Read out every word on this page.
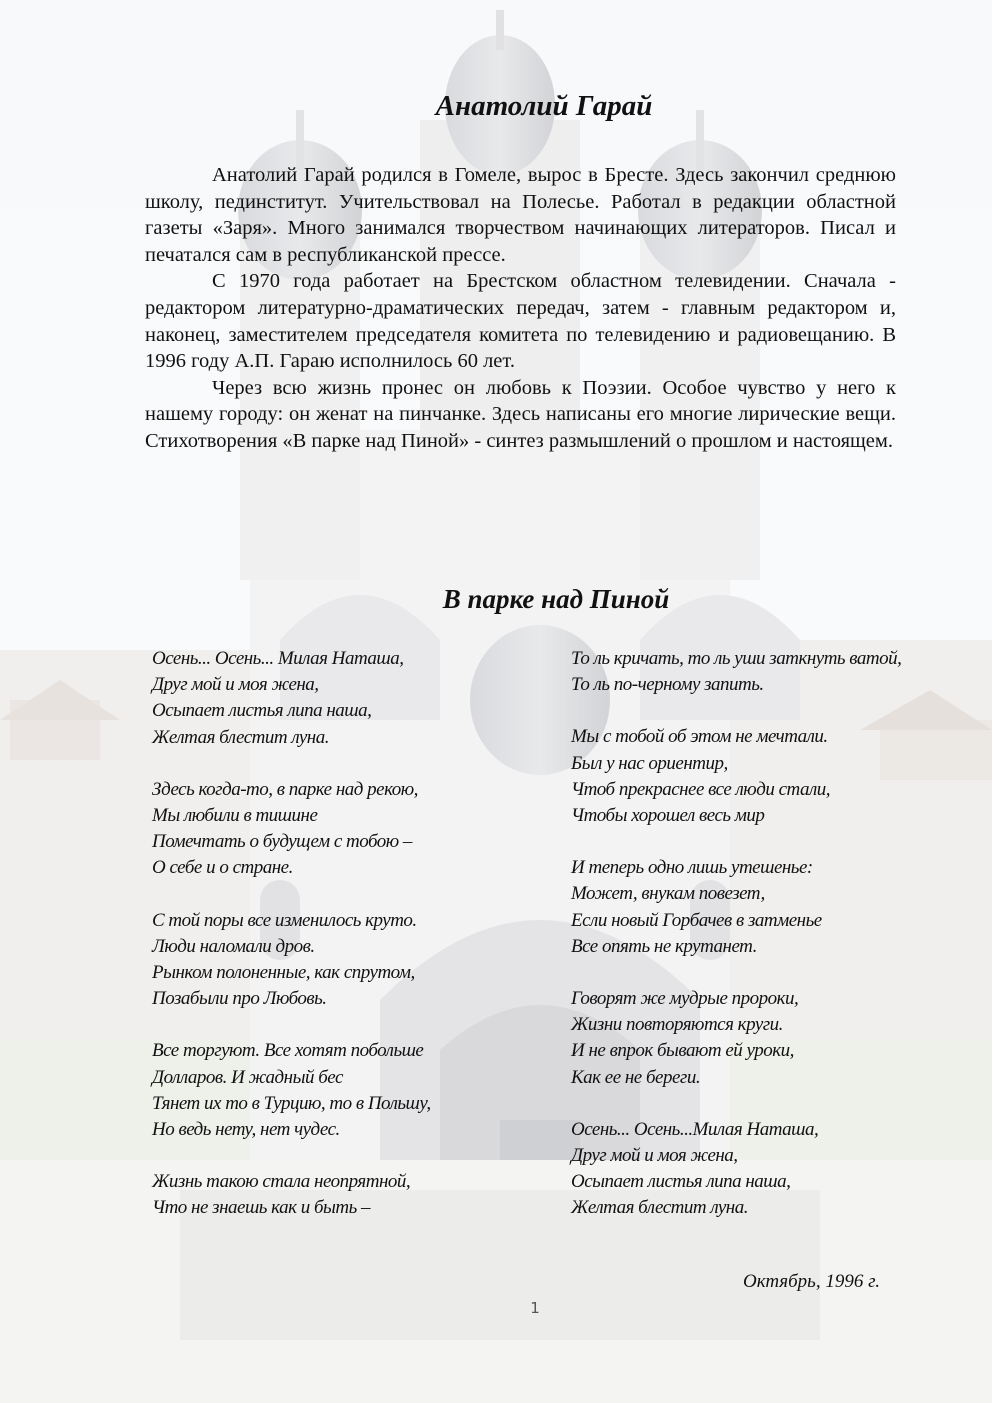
Анатолий Гарай

Анатолий Гарай родился в Гомеле, вырос в Бресте. Здесь закончил среднюю школу, пединститут. Учительствовал на Полесье. Работал в редакции областной газеты «Заря». Много занимался творчеством начинающих литераторов. Писал и печатался сам в республиканской прессе.

С 1970 года работает на Брестском областном телевидении. Сначала - редактором литературно-драматических передач, затем - главным редактором и, наконец, заместителем председателя комитета по телевидению и радиовещанию. В 1996 году А.П. Гараю исполнилось 60 лет.

Через всю жизнь пронес он любовь к Поэзии. Особое чувство у него к нашему городу: он женат на пинчанке. Здесь написаны его многие лирические вещи. Стихотворения «В парке над Пиной» - синтез размышлений о прошлом и настоящем.

В парке над Пиной
Осень... Осень... Милая Наташа,
Друг мой и моя жена,
Осыпает листья липа наша,
Желтая блестит луна.
Здесь когда-то, в парке над рекою,
Мы любили в тишине
Помечтать о будущем с тобою –
О себе и о стране.
С той поры все изменилось круто.
Люди наломали дров.
Рынком полоненные, как спрутом,
Позабыли про Любовь.
Все торгуют. Все хотят побольше
Долларов. И жадный бес
Тянет их то в Турцию, то в Польшу,
Но ведь нету, нет чудес.
Жизнь такою стала неопрятной,
Что не знаешь как и быть –
То ль кричать, то ль уши заткнуть ватой,
То ль по-черному запить.
Мы с тобой об этом не мечтали.
Был у нас ориентир,
Чтоб прекраснее все люди стали,
Чтобы хорошел весь мир
И теперь одно лишь утешенье:
Может, внукам повезет,
Если новый Горбачев в затменье
Все опять не крутанет.
Говорят же мудрые пророки,
Жизни повторяются круги.
И не впрок бывают ей уроки,
Как ее не береги.
Осень... Осень...Милая Наташа,
Друг мой и моя жена,
Осыпает листья липа наша,
Желтая блестит луна.
Октябрь, 1996 г.
1
